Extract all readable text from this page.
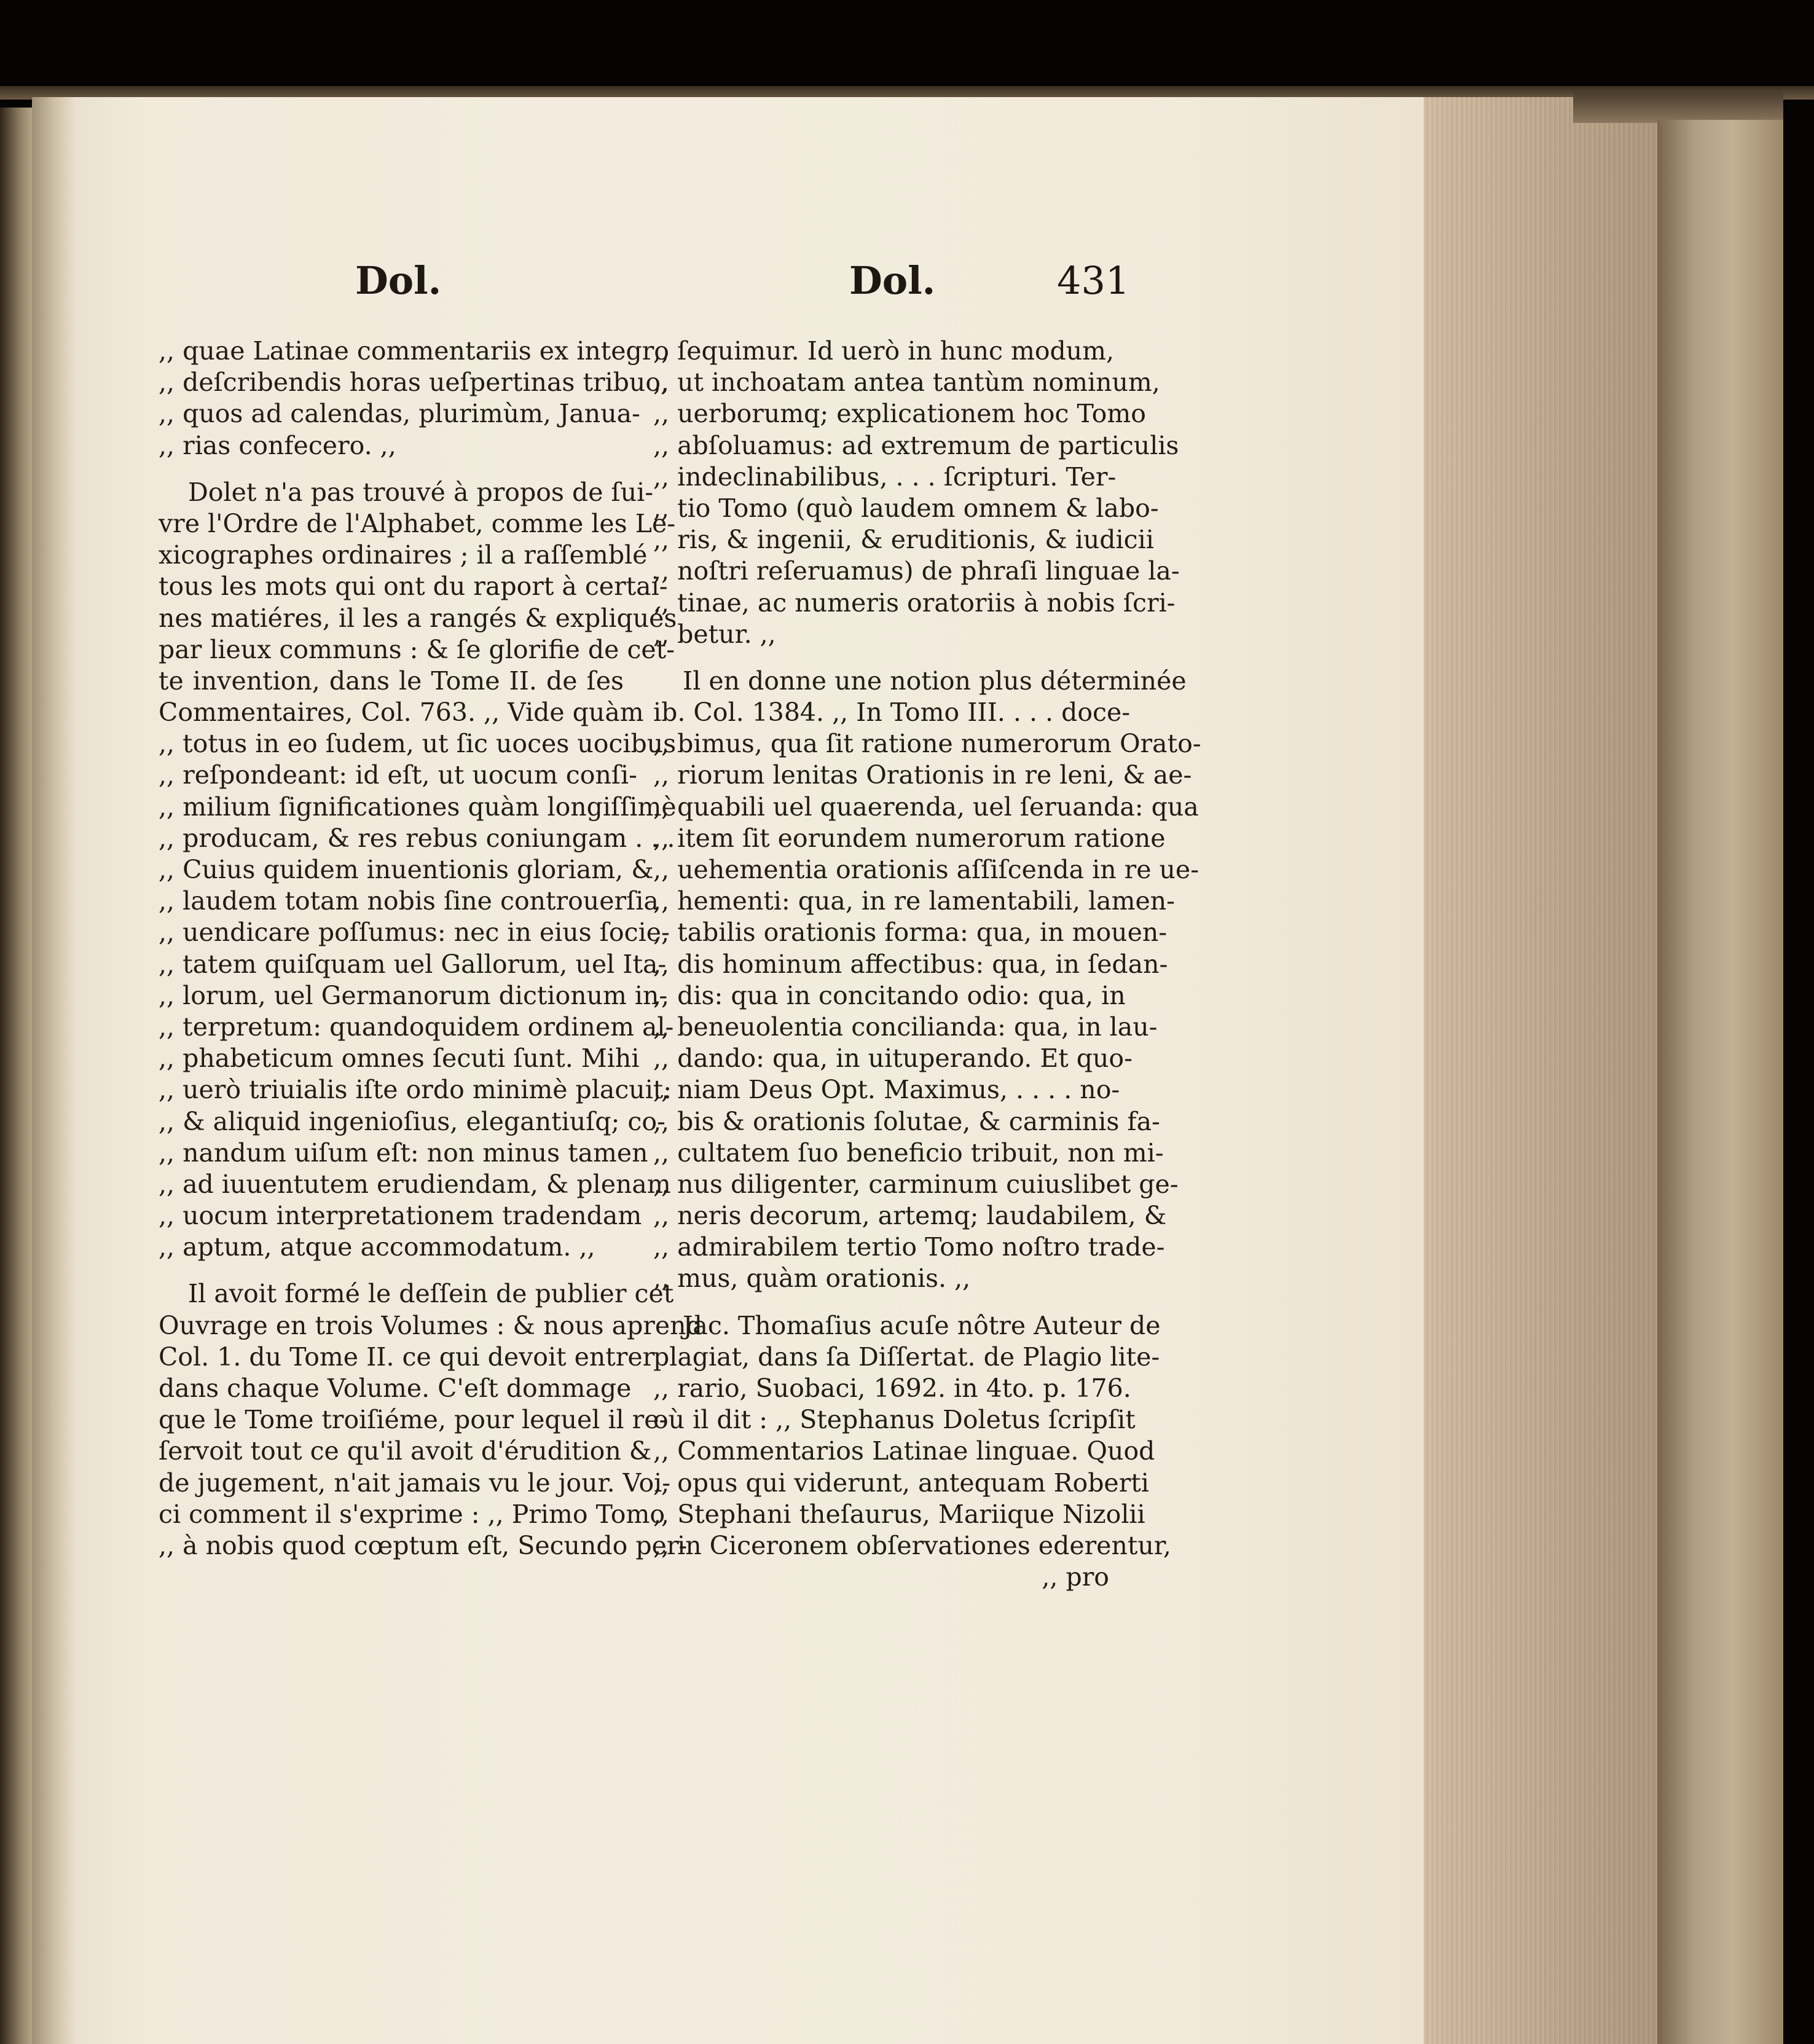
Dol.	Dol.	431
,, quae Latinae commentariis ex integro
,, deſcribendis horas ueſpertinas tribuo,
,, quos ad calendas, plurimùm, Janua-
,, rias confecero. ,,
Dolet n'a pas trouvé à propos de ſui-
vre l'Ordre de l'Alphabet, comme les Le-
xicographes ordinaires ; il a raſſemblé
tous les mots qui ont du raport à certai-
nes matiéres, il les a rangés & expliqués
par lieux communs : & ſe glorifie de cet-
te invention, dans le Tome II. de ſes
Commentaires, Col. 763. ,, Vide quàm
,, totus in eo ſudem, ut ſic uoces uocibus
,, reſpondeant: id eſt, ut uocum conſi-
,, milium ſignificationes quàm longiſſimè
,, producam, & res rebus coniungam . . .
,, Cuius quidem inuentionis gloriam, &
,, laudem totam nobis ſine controuerſia
,, uendicare poſſumus: nec in eius ſocie-
,, tatem quiſquam uel Gallorum, uel Ita-
,, lorum, uel Germanorum dictionum in-
,, terpretum: quandoquidem ordinem al-
,, phabeticum omnes ſecuti ſunt. Mihi
,, uerò triuialis iſte ordo minimè placuit:
,, & aliquid ingenioſius, elegantiuſq; co-
,, nandum uiſum eſt: non minus tamen
,, ad iuuentutem erudiendam, & plenam
,, uocum interpretationem tradendam
,, aptum, atque accommodatum. ,,
Il avoit formé le deſſein de publier cet
Ouvrage en trois Volumes : & nous aprend
Col. 1. du Tome II. ce qui devoit entrer
dans chaque Volume. C'eſt dommage
que le Tome troiſiéme, pour lequel il re-
ſervoit tout ce qu'il avoit d'érudition &
de jugement, n'ait jamais vu le jour. Voi-
ci comment il s'exprime : ,, Primo Tomo
,, à nobis quod cœptum eſt, Secundo per-
,, ſequimur. Id uerò in hunc modum,
,, ut inchoatam antea tantùm nominum,
,, uerborumq; explicationem hoc Tomo
,, abſoluamus: ad extremum de particulis
,, indeclinabilibus, . . . ſcripturi. Ter-
,, tio Tomo (quò laudem omnem & labo-
,, ris, & ingenii, & eruditionis, & iudicii
,, noſtri reſeruamus) de phraſi linguae la-
,, tinae, ac numeris oratoriis à nobis ſcri-
,, betur. ,,
Il en donne une notion plus déterminée
ib. Col. 1384. ,, In Tomo III. . . . doce-
,, bimus, qua ſit ratione numerorum Orato-
,, riorum lenitas Orationis in re leni, & ae-
,, quabili uel quaerenda, uel ſeruanda: qua
,, item ſit eorundem numerorum ratione
,, uehementia orationis aſſiſcenda in re ue-
,, hementi: qua, in re lamentabili, lamen-
,, tabilis orationis forma: qua, in mouen-
,, dis hominum affectibus: qua, in ſedan-
,, dis: qua in concitando odio: qua, in
,, beneuolentia concilianda: qua, in lau-
,, dando: qua, in uituperando. Et quo-
,, niam Deus Opt. Maximus, . . . . no-
,, bis & orationis ſolutae, & carminis fa-
,, cultatem ſuo beneficio tribuit, non mi-
,, nus diligenter, carminum cuiuslibet ge-
,, neris decorum, artemq; laudabilem, &
,, admirabilem tertio Tomo noſtro trade-
,, mus, quàm orationis. ,,
Jac. Thomaſius acuſe nôtre Auteur de
plagiat, dans ſa Diſſertat. de Plagio lite-
,, rario, Suobaci, 1692. in 4to. p. 176.
où il dit : ,, Stephanus Doletus ſcripſit
,, Commentarios Latinae linguae. Quod
,, opus qui viderunt, antequam Roberti
,, Stephani theſaurus, Mariique Nizolii
,, in Ciceronem obſervationes ederentur,
,, pro
